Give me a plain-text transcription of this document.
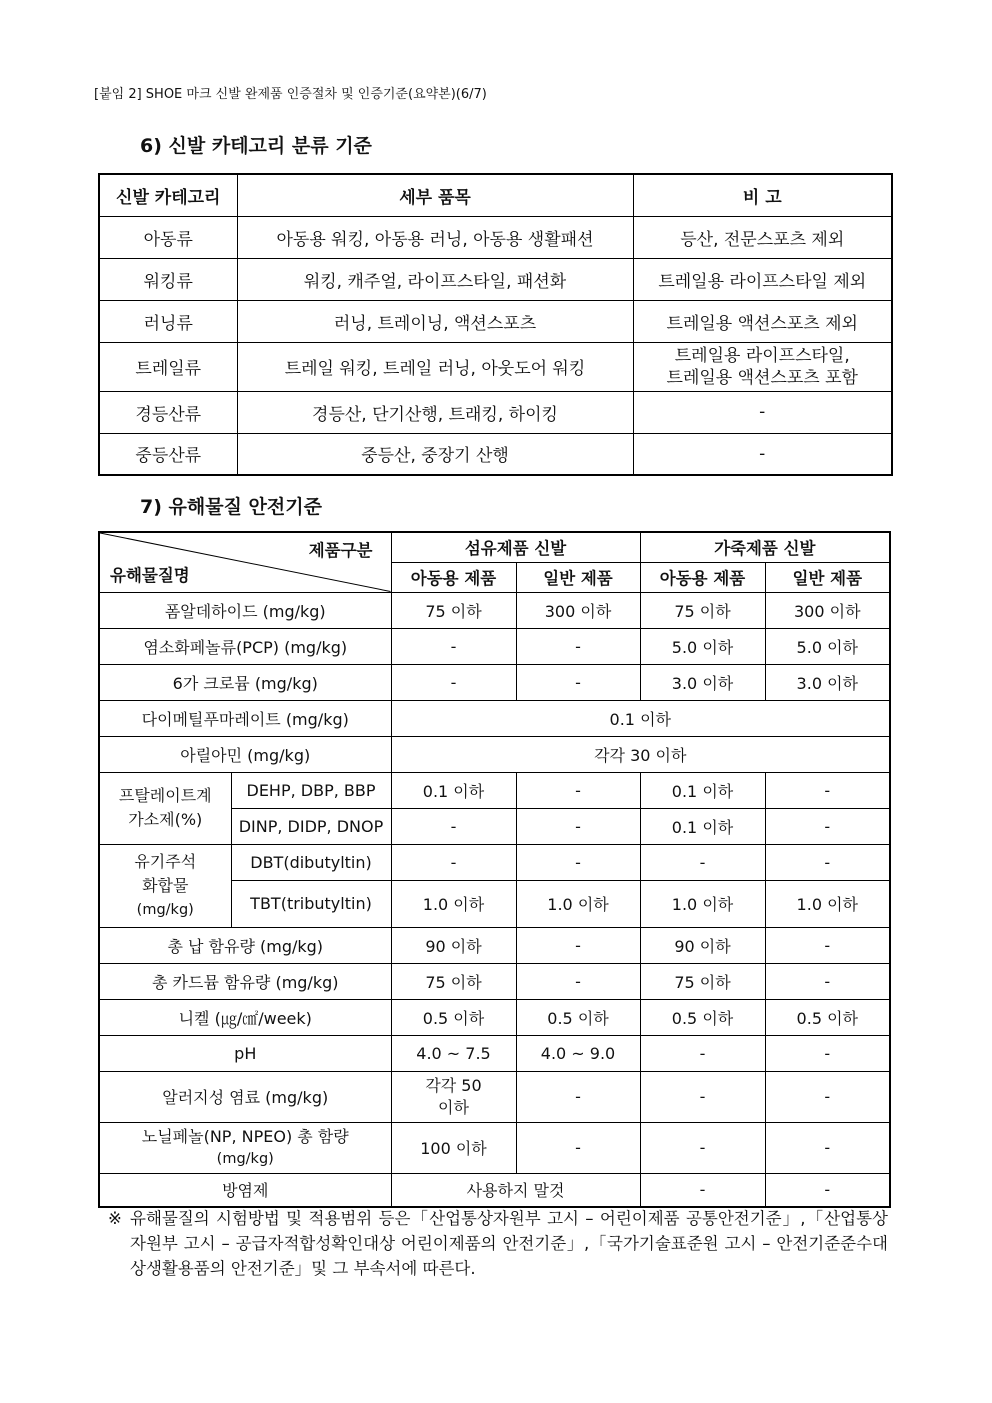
[붙임 2] SHOE 마크 신발 완제품 인증절차 및 인증기준(요약본)(6/7)
6) 신발 카테고리 분류 기준
신발 카테고리	세부 품목	비 고
아동류	아동용 워킹, 아동용 러닝, 아동용 생활패션	등산, 전문스포츠 제외
워킹류	워킹, 캐주얼, 라이프스타일, 패션화	트레일용 라이프스타일 제외
러닝류	러닝, 트레이닝, 액션스포츠	트레일용 액션스포츠 제외
트레일류	트레일 워킹, 트레일 러닝, 아웃도어 워킹	트레일용 라이프스타일,
트레일용 액션스포츠 포함

경등산류	경등산, 단기산행, 트래킹, 하이킹	-
중등산류	중등산, 중장기 산행	-
7) 유해물질 안전기준
제품구분
유해물질명		섬유제품 신발		가죽제품 신발	
		아동용 제품	일반 제품	아동용 제품	일반 제품
폼알데하이드 (mg/kg)		75 이하	300 이하	75 이하	300 이하
염소화페놀류(PCP) (mg/kg)		-	-	5.0 이하	5.0 이하
6가 크로뮴 (mg/kg)		-	-	3.0 이하	3.0 이하
다이메틸푸마레이트 (mg/kg)		0.1 이하			
아릴아민 (mg/kg)		각각 30 이하			

프탈레이트계
가소제(%)	DEHP, DBP, BBP	0.1 이하	-	0.1 이하	-
	DINP, DIDP, DNOP	-	-	0.1 이하	-

유기주석
화합물
(mg/kg)	DBT(dibutyltin)	-	-	-	-
	TBT(tributyltin)	1.0 이하	1.0 이하	1.0 이하	1.0 이하
총 납 함유량 (mg/kg)		90 이하	-	90 이하	-
총 카드뮴 함유량 (mg/kg)		75 이하	-	75 이하	-
니켈 (㎍/㎠/week)		0.5 이하	0.5 이하	0.5 이하	0.5 이하
pH		4.0 ~ 7.5	4.0 ~ 9.0	-	-
알러지성 염료 (mg/kg)		각각 50
이하	-	-	-

노닐페놀(NP, NPEO) 총 함량
(mg/kg)		100 이하	-	-	-
방염제		사용하지 말것		-	-
※ 유해물질의 시험방법 및 적용범위 등은「산업통상자원부 고시 – 어린이제품 공통안전기준」,「산업통상자원부 고시 – 공급자적합성확인대상 어린이제품의 안전기준」,「국가기술표준원 고시 – 안전기준준수대상생활용품의 안전기준」및 그 부속서에 따른다.
